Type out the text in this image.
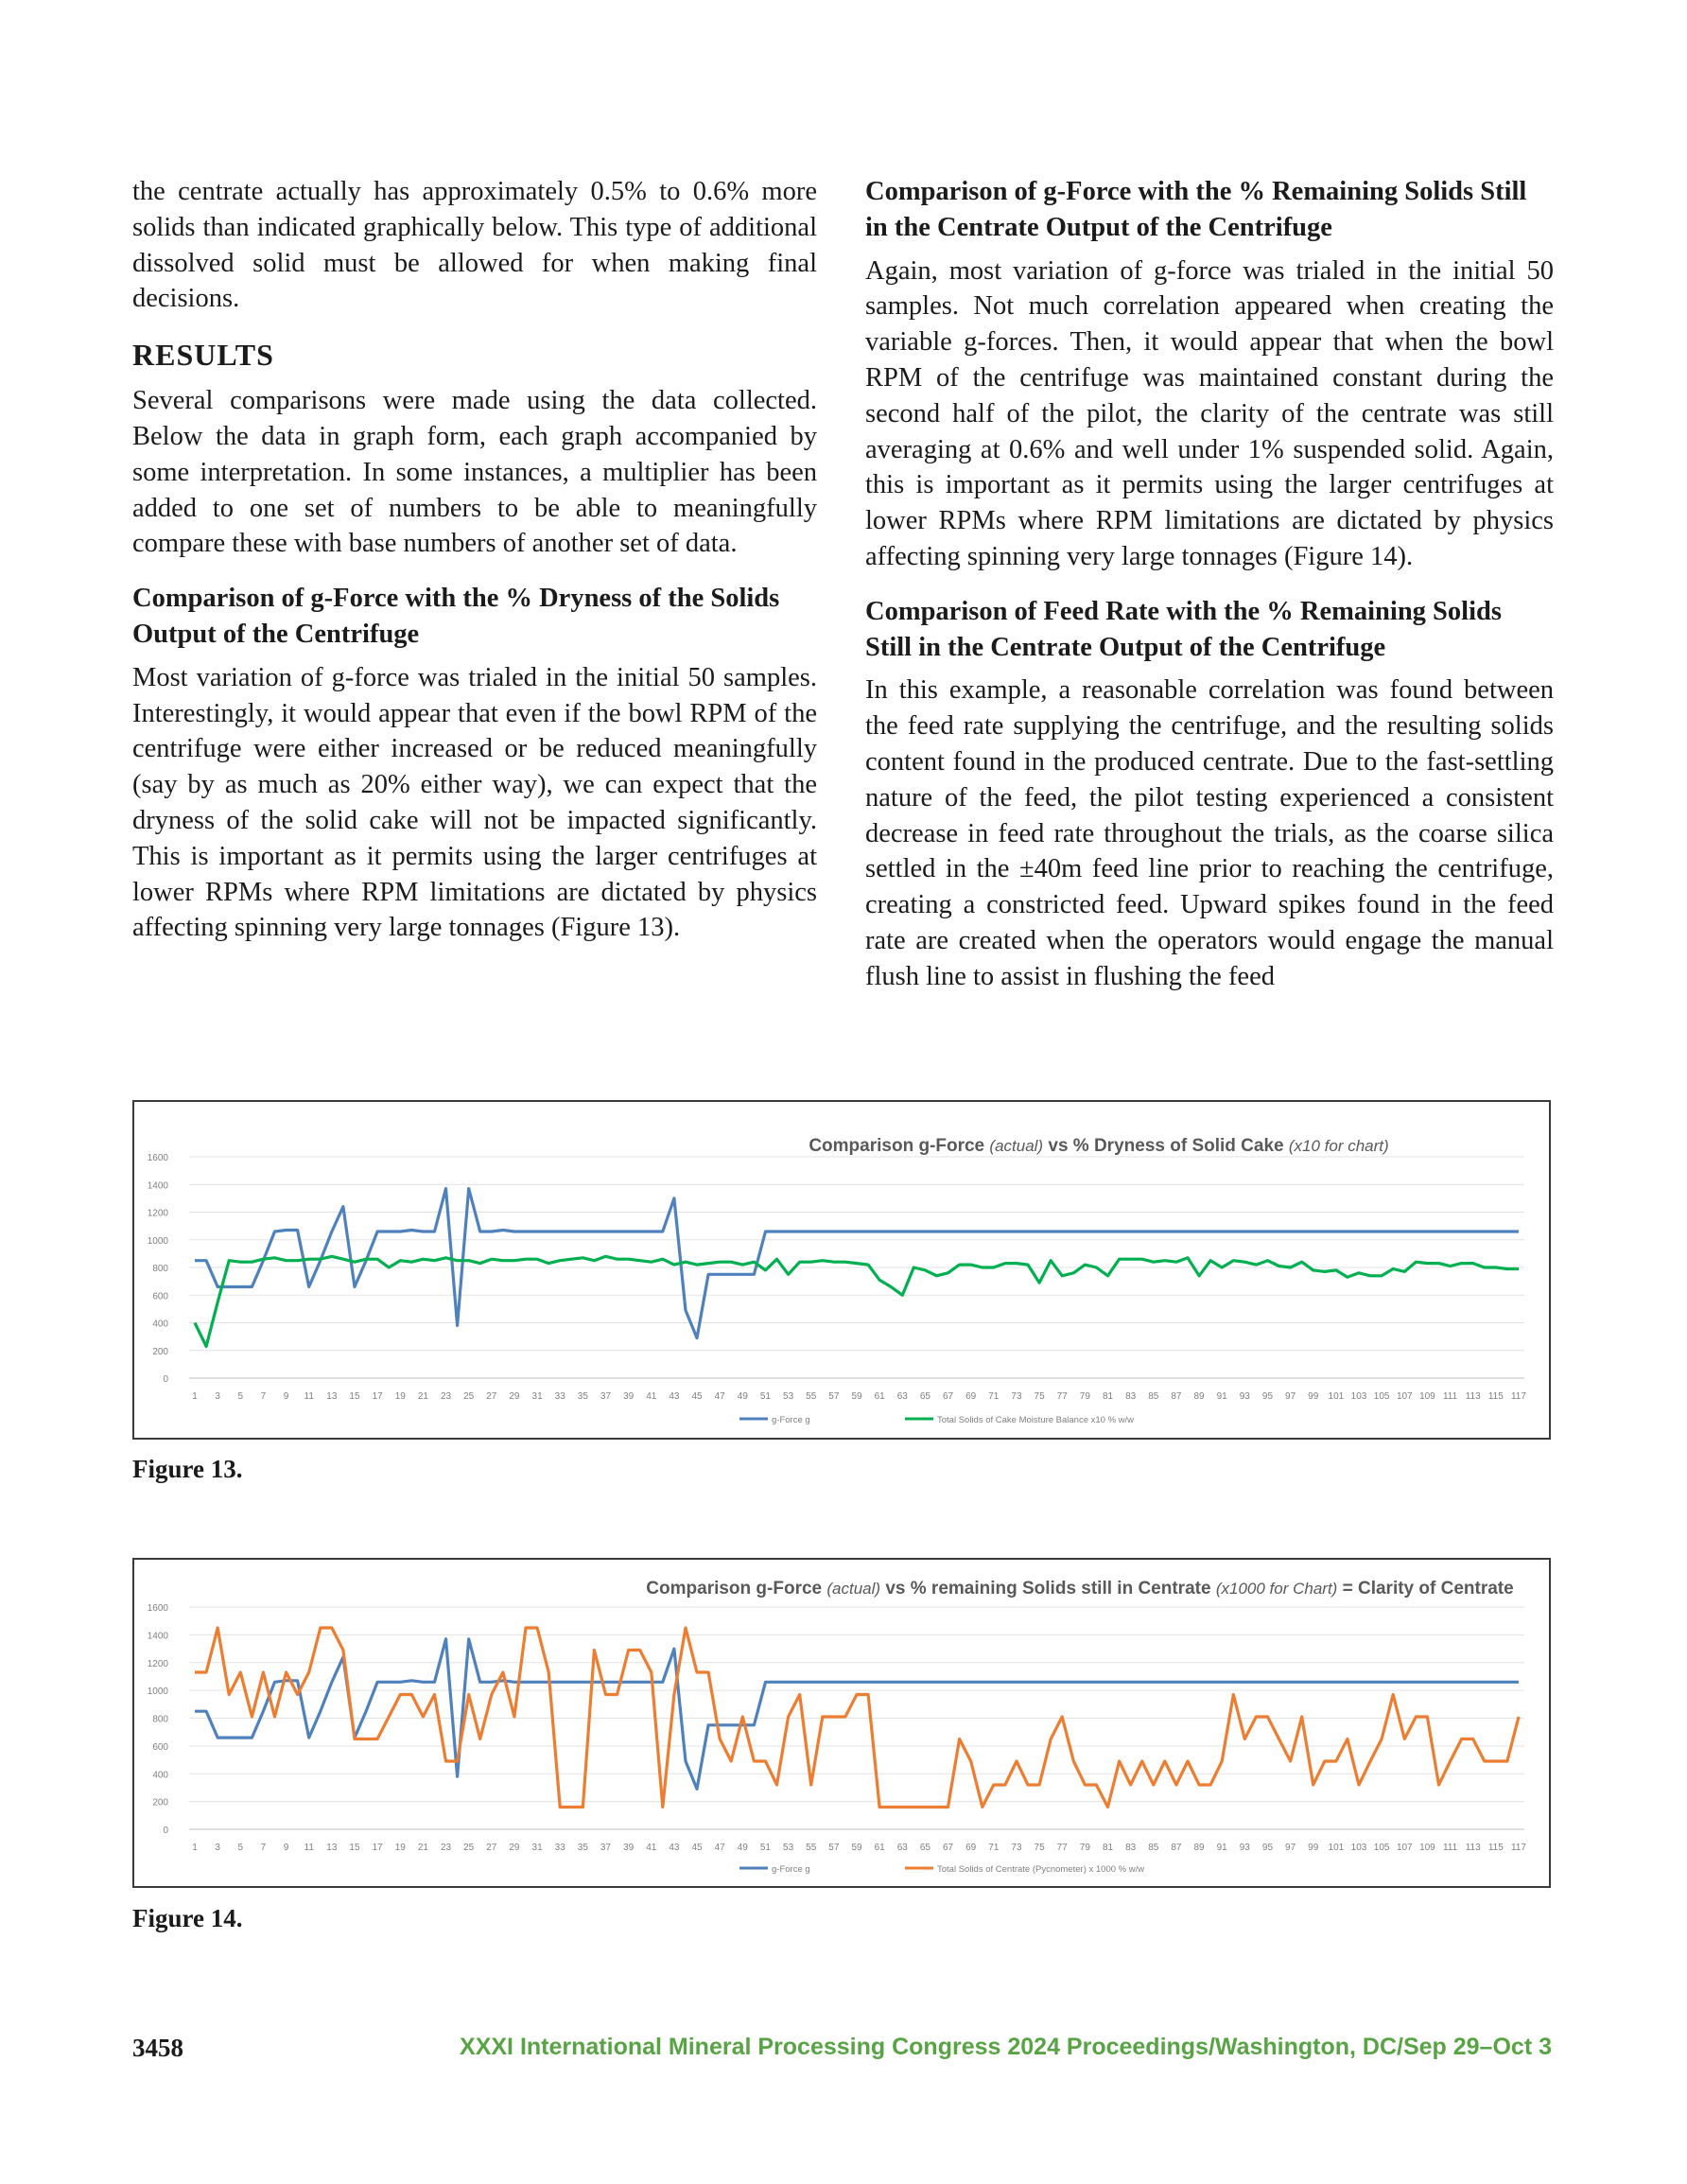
the centrate actually has approximately 0.5% to 0.6% more solids than indicated graphically below. This type of additional dissolved solid must be allowed for when making final decisions.

RESULTS

Several comparisons were made using the data collected. Below the data in graph form, each graph accompanied by some interpretation. In some instances, a multiplier has been added to one set of numbers to be able to meaningfully compare these with base numbers of another set of data.

Comparison of g-Force with the % Dryness of the Solids Output of the Centrifuge

Most variation of g-force was trialed in the initial 50 samples. Interestingly, it would appear that even if the bowl RPM of the centrifuge were either increased or be reduced meaningfully (say by as much as 20% either way), we can expect that the dryness of the solid cake will not be impacted significantly. This is important as it permits using the larger centrifuges at lower RPMs where RPM limitations are dictated by physics affecting spinning very large tonnages (Figure 13).

Comparison of g-Force with the % Remaining Solids Still in the Centrate Output of the Centrifuge

Again, most variation of g-force was trialed in the initial 50 samples. Not much correlation appeared when creating the variable g-forces. Then, it would appear that when the bowl RPM of the centrifuge was maintained constant during the second half of the pilot, the clarity of the centrate was still averaging at 0.6% and well under 1% suspended solid. Again, this is important as it permits using the larger centrifuges at lower RPMs where RPM limitations are dictated by physics affecting spinning very large tonnages (Figure 14).

Comparison of Feed Rate with the % Remaining Solids Still in the Centrate Output of the Centrifuge

In this example, a reasonable correlation was found between the feed rate supplying the centrifuge, and the resulting solids content found in the produced centrate. Due to the fast-settling nature of the feed, the pilot testing experienced a consistent decrease in feed rate throughout the trials, as the coarse silica settled in the ±40m feed line prior to reaching the centrifuge, creating a constricted feed. Upward spikes found in the feed rate are created when the operators would engage the manual flush line to assist in flushing the feed

0
200
400
600
800
1000
1200
1400
1600
1 3 5 7 9 11 13 15 17 19 21 23 25 27 29 31 33 35 37 39 41 43 45 47 49 51 53 55 57 59 61 63 65 67 69 71 73 75 77 79 81 83 85 87 89 91 93 95 97 99 101 103 105 107 109 111 113 115 117
Comparison g-Force (actual) vs % Dryness of Solid Cake (x10 for chart)
g-Force g	Total Solids of Cake Moisture Balance x10 % w/w
Figure 13.
0
200
400
600
800
1000
1200
1400
1600
1 3 5 7 9 11 13 15 17 19 21 23 25 27 29 31 33 35 37 39 41 43 45 47 49 51 53 55 57 59 61 63 65 67 69 71 73 75 77 79 81 83 85 87 89 91 93 95 97 99 101 103 105 107 109 111 113 115 117
Comparison g-Force (actual) vs % remaining Solids still in Centrate (x1000 for Chart) = Clarity of Centrate
g-Force g	Total Solids of Centrate (Pycnometer) x 1000 % w/w
Figure 14.
3458	XXXI International Mineral Processing Congress 2024 Proceedings/Washington, DC/Sep 29–Oct 3
